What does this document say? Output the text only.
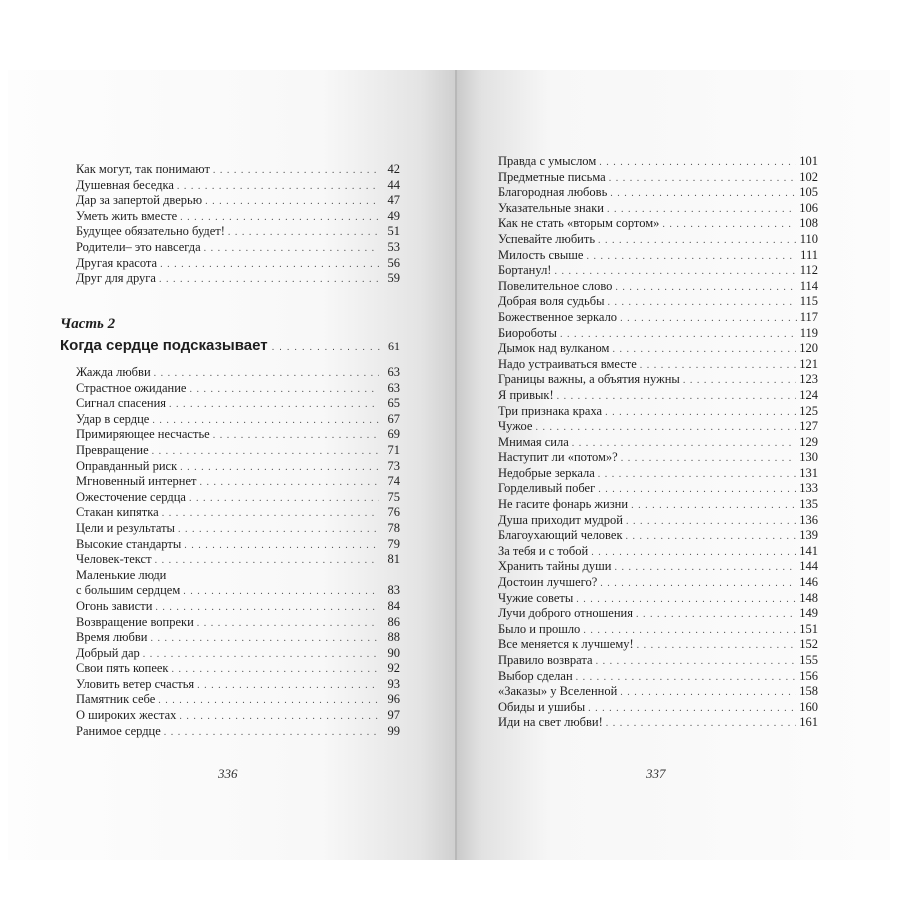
Как могут, так понимают . . .	42
Душевная беседка . . .	44
Дар за запертой дверью . . .	47
Уметь жить вместе . . .	49
Будущее обязательно будет! . . .	51
Родители– это навсегда . . .	53
Другая красота . . .	56
Друг для друга . . .	59
Часть 2
Когда сердце подсказывает . . .	61
Жажда любви . . .	63
Страстное ожидание . . .	63
Сигнал спасения . . .	65
Удар в сердце . . .	67
Примиряющее несчастье . . .	69
Превращение . . .	71
Оправданный риск . . .	73
Мгновенный интернет . . .	74
Ожесточение сердца . . .	75
Стакан кипятка . . .	76
Цели и результаты . . .	78
Высокие стандарты . . .	79
Человек-текст . . .	81
Маленькие люди
с большим сердцем . . .	83
Огонь зависти . . .	84
Возвращение вопреки . . .	86
Время любви . . .	88
Добрый дар . . .	90
Свои пять копеек . . .	92
Уловить ветер счастья . . .	93
Памятник себе . . .	96
О широких жестах . . .	97
Ранимое сердце . . .	99
Правда с умыслом . . .	101
Предметные письма . . .	102
Благородная любовь . . .	105
Указательные знаки . . .	106
Как не стать «вторым сортом» . . .	108
Успевайте любить . . .	110
Милость свыше . . .	111
Бортанул! . . .	112
Повелительное слово . . .	114
Добрая воля судьбы . . .	115
Божественное зеркало . . .	117
Биороботы . . .	119
Дымок над вулканом . . .	120
Надо устраиваться вместе . . .	121
Границы важны, а объятия нужны . . .	123
Я привык! . . .	124
Три признака краха . . .	125
Чужое . . .	127
Мнимая сила . . .	129
Наступит ли «потом»? . . .	130
Недобрые зеркала . . .	131
Горделивый побег . . .	133
Не гасите фонарь жизни . . .	135
Душа приходит мудрой . . .	136
Благоухающий человек . . .	139
За тебя и с тобой . . .	141
Хранить тайны души . . .	144
Достоин лучшего? . . .	146
Чужие советы . . .	148
Лучи доброго отношения . . .	149
Было и прошло . . .	151
Все меняется к лучшему! . . .	152
Правило возврата . . .	155
Выбор сделан . . .	156
«Заказы» у Вселенной . . .	158
Обиды и ушибы . . .	160
Иди на свет любви! . . .	161
336	337
